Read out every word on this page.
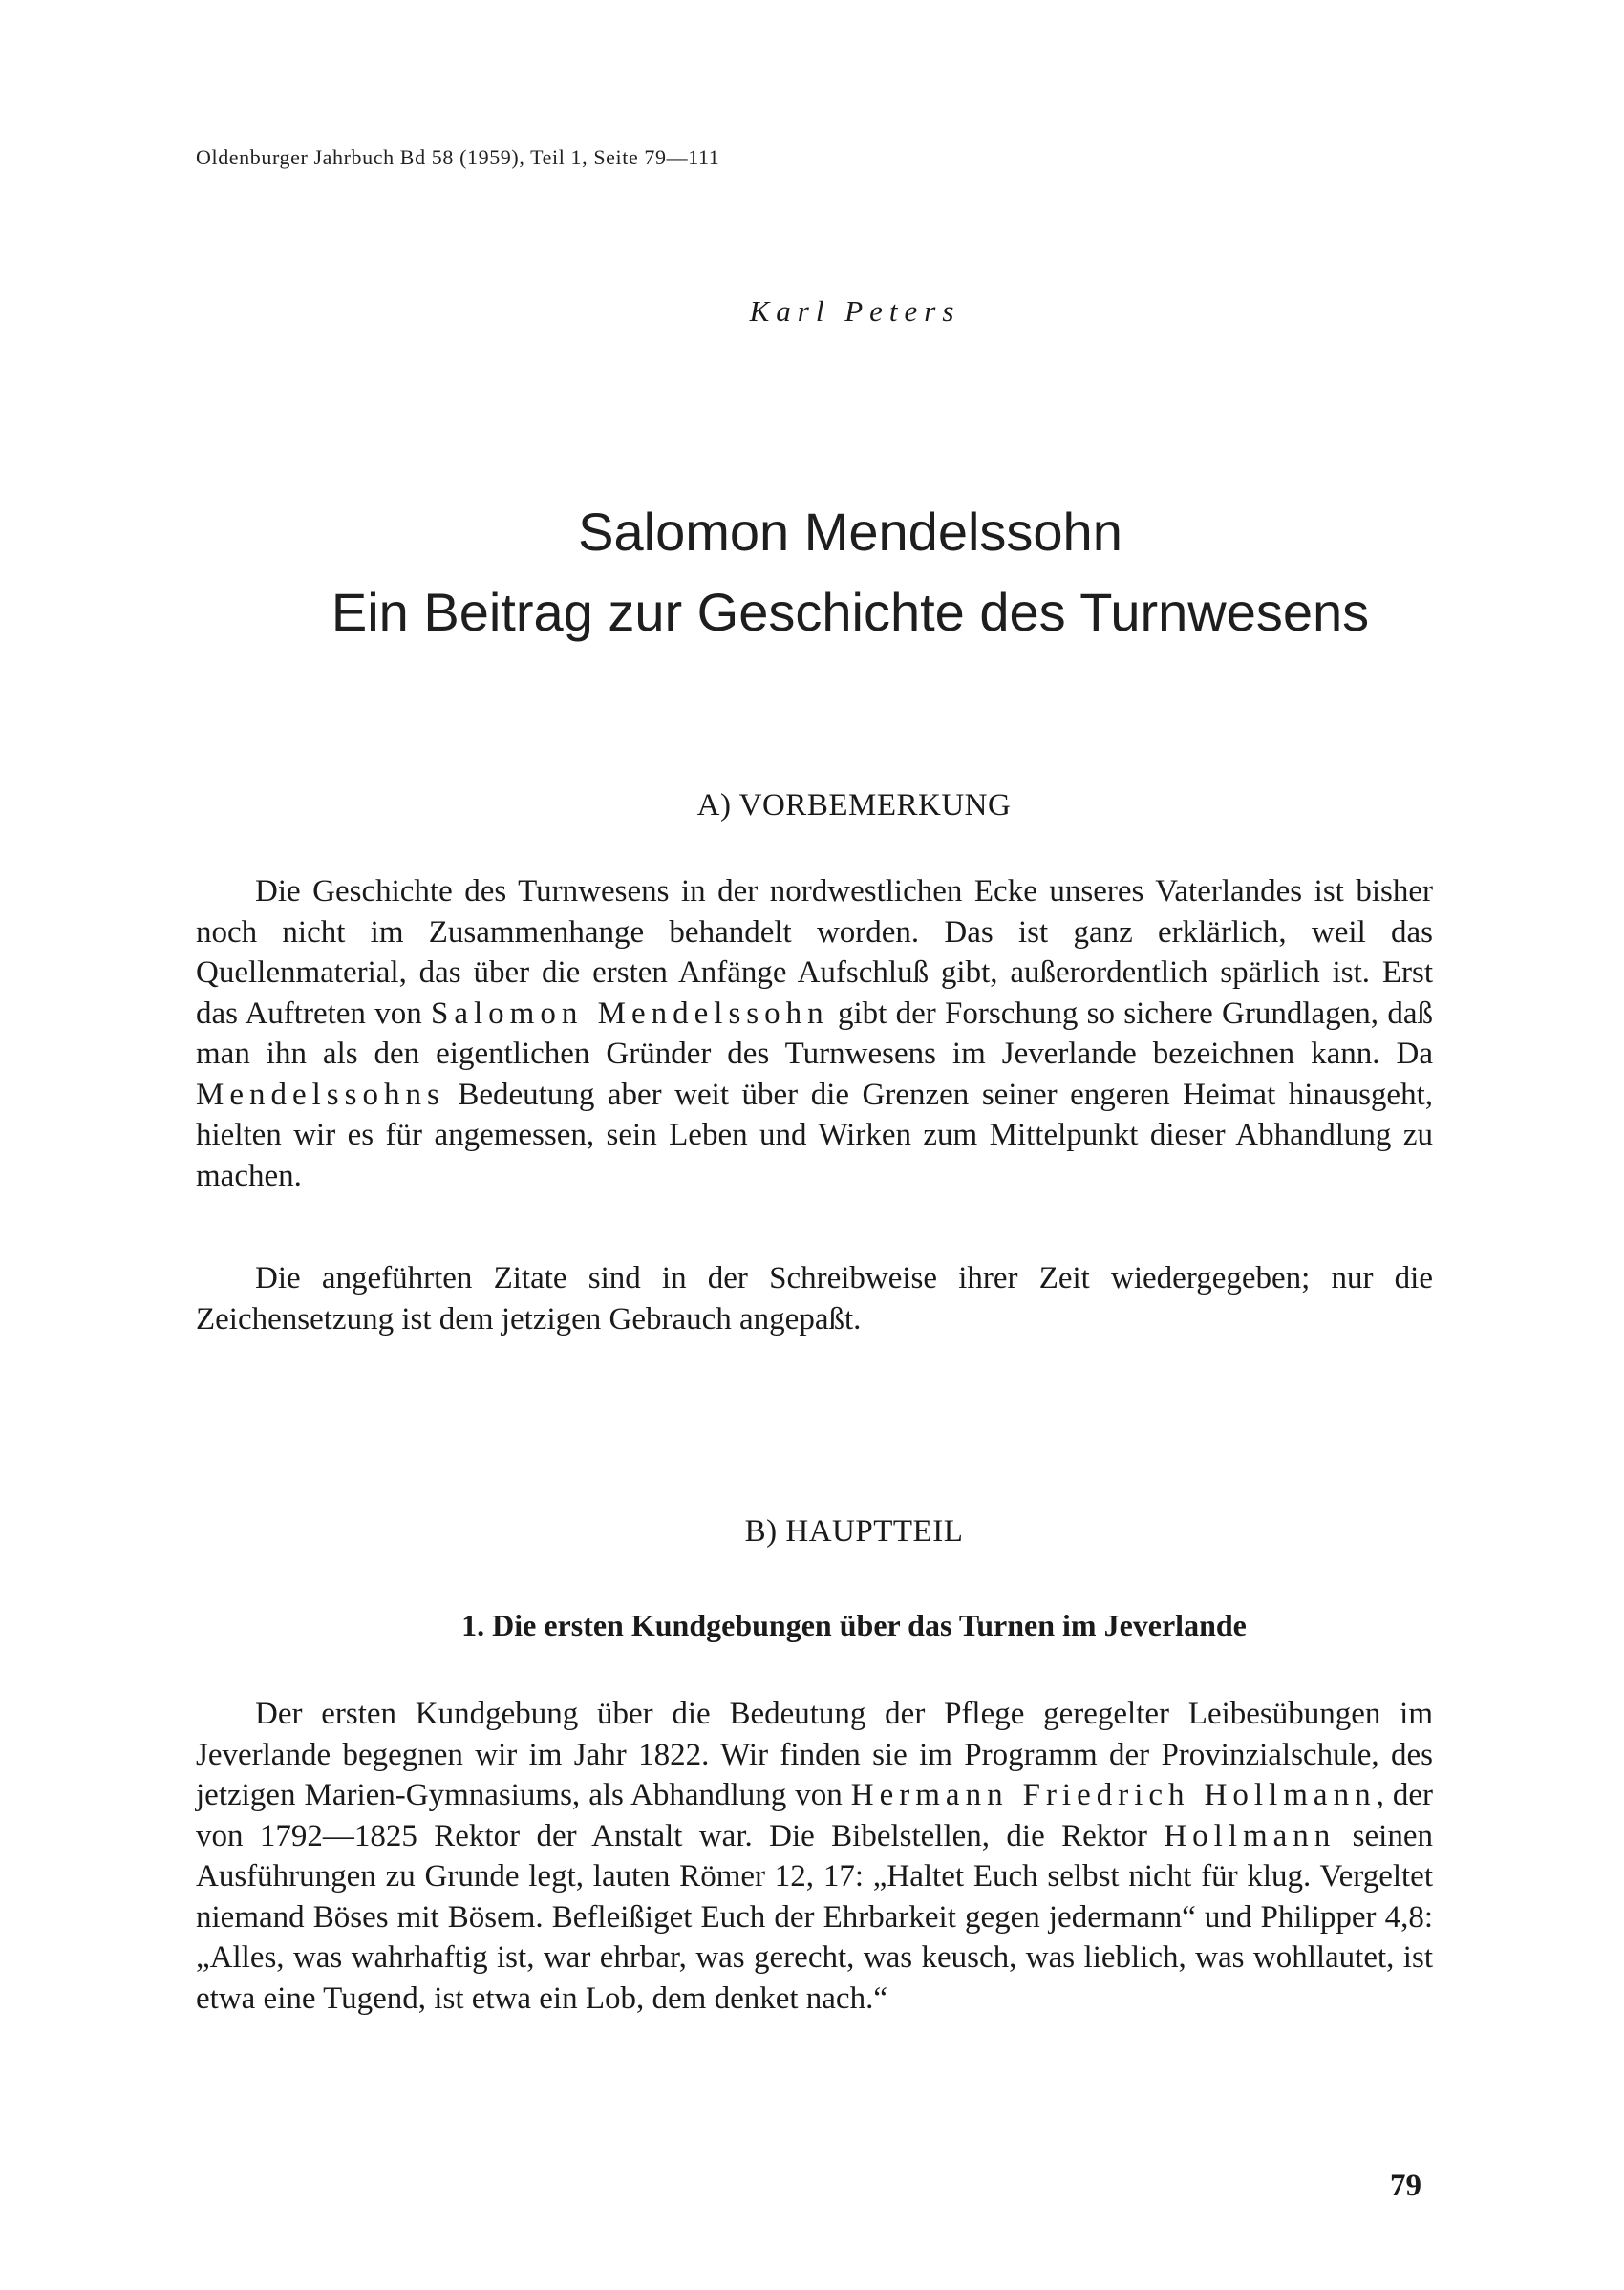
Oldenburger Jahrbuch Bd 58 (1959), Teil 1, Seite 79—111
Karl Peters
Salomon Mendelssohn
Ein Beitrag zur Geschichte des Turnwesens
A) VORBEMERKUNG

Die Geschichte des Turnwesens in der nordwestlichen Ecke unseres Vaterlandes ist bisher noch nicht im Zusammenhange behandelt worden. Das ist ganz erklärlich, weil das Quellenmaterial, das über die ersten Anfänge Aufschluß gibt, außerordentlich spärlich ist. Erst das Auftreten von Salomon Mendelssohn gibt der Forschung so sichere Grundlagen, daß man ihn als den eigentlichen Gründer des Turnwesens im Jeverlande bezeichnen kann. Da Mendelssohns Bedeutung aber weit über die Grenzen seiner engeren Heimat hinausgeht, hielten wir es für angemessen, sein Leben und Wirken zum Mittelpunkt dieser Abhandlung zu machen.

Die angeführten Zitate sind in der Schreibweise ihrer Zeit wiedergegeben; nur die Zeichensetzung ist dem jetzigen Gebrauch angepaßt.

B) HAUPTTEIL
1. Die ersten Kundgebungen über das Turnen im Jeverlande

Der ersten Kundgebung über die Bedeutung der Pflege geregelter Leibesübungen im Jeverlande begegnen wir im Jahr 1822. Wir finden sie im Programm der Provinzialschule, des jetzigen Marien-Gymnasiums, als Abhandlung von Hermann Friedrich Hollmann, der von 1792—1825 Rektor der Anstalt war. Die Bibelstellen, die Rektor Hollmann seinen Ausführungen zu Grunde legt, lauten Römer 12, 17: „Haltet Euch selbst nicht für klug. Vergeltet niemand Böses mit Bösem. Befleißiget Euch der Ehrbarkeit gegen jedermann“ und Philipper 4,8: „Alles, was wahrhaftig ist, war ehrbar, was gerecht, was keusch, was lieblich, was wohllautet, ist etwa eine Tugend, ist etwa ein Lob, dem denket nach.“

79
